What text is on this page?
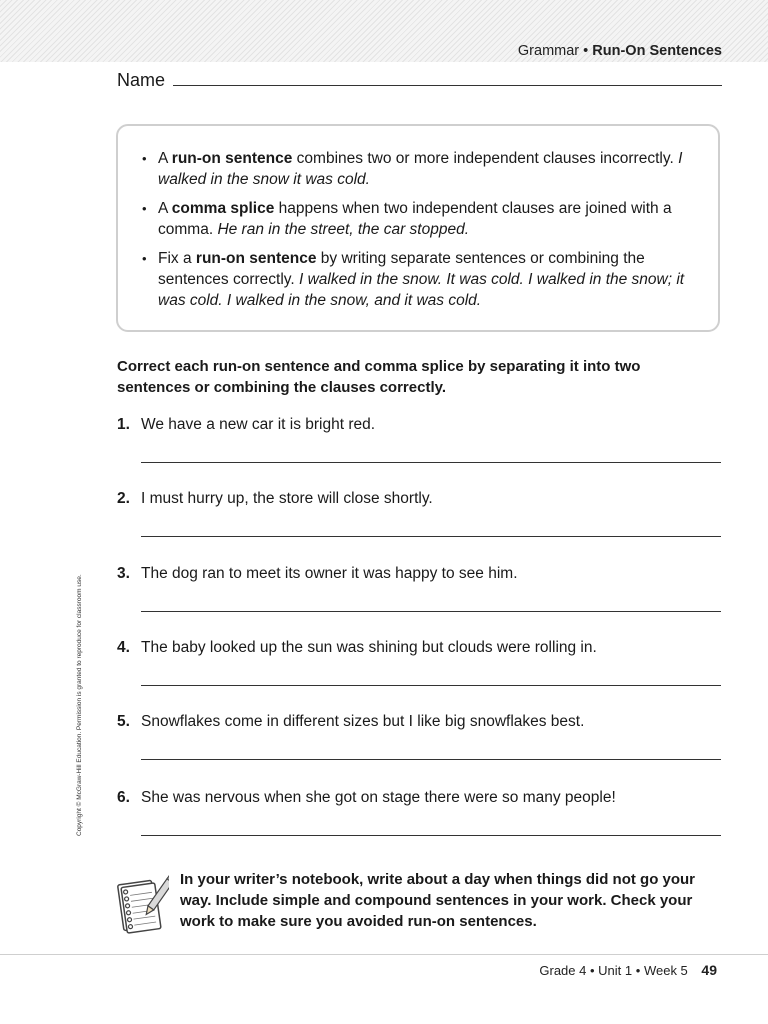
Grammar • Run-On Sentences
Name
• A run-on sentence combines two or more independent clauses incorrectly. I walked in the snow it was cold.
• A comma splice happens when two independent clauses are joined with a comma. He ran in the street, the car stopped.
• Fix a run-on sentence by writing separate sentences or combining the sentences correctly. I walked in the snow. It was cold. I walked in the snow; it was cold. I walked in the snow, and it was cold.
Correct each run-on sentence and comma splice by separating it into two sentences or combining the clauses correctly.
1. We have a new car it is bright red.
2. I must hurry up, the store will close shortly.
3. The dog ran to meet its owner it was happy to see him.
4. The baby looked up the sun was shining but clouds were rolling in.
5. Snowflakes come in different sizes but I like big snowflakes best.
6. She was nervous when she got on stage there were so many people!
Copyright © McGraw-Hill Education. Permission is granted to reproduce for classroom use.
In your writer’s notebook, write about a day when things did not go your way. Include simple and compound sentences in your work. Check your work to make sure you avoided run-on sentences.
Grade 4 • Unit 1 • Week 5 49
